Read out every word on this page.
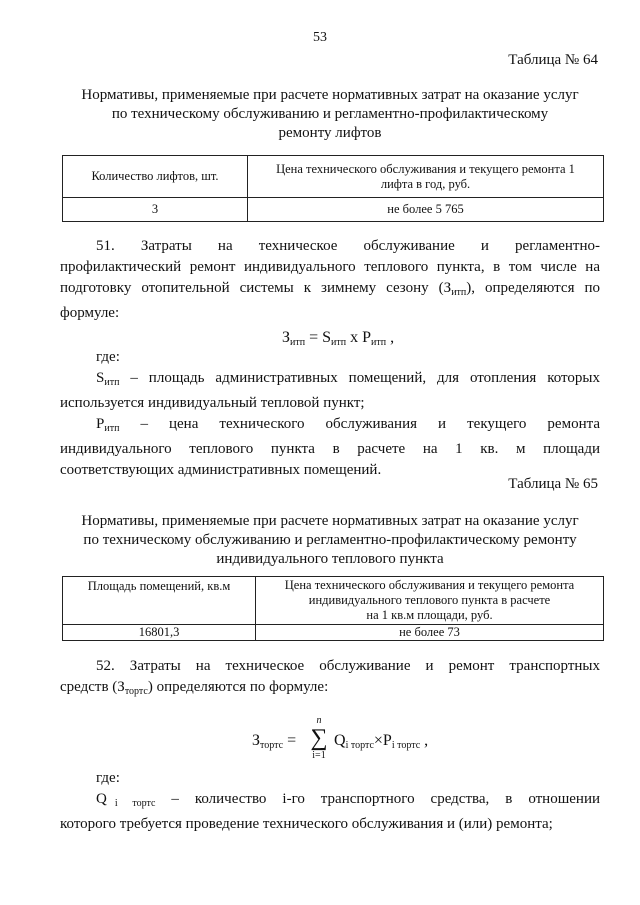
53
Таблица № 64
Нормативы, применяемые при расчете нормативных затрат на оказание услуг
по техническому обслуживанию и регламентно-профилактическому
ремонту лифтов
Количество лифтов, шт.	Цена технического обслуживания и текущего ремонта 1
лифта в год, руб.

3	не более 5 765
51. Затраты на техническое обслуживание и регламентно-
профилактический ремонт индивидуального теплового пункта, в том числе на
подготовку отопительной системы к зимнему сезону $(З_{итп})$, определяются по
формуле:
$З_{итп} = S_{итп}$ x $P_{итп}$ ,
где:
$S_{итп}$ – площадь административных помещений, для отопления которых
используется индивидуальный тепловой пункт;
$P_{итп}$ – цена технического обслуживания и текущего ремонта
индивидуального теплового пункта в расчете на 1 кв. м площади
соответствующих административных помещений.
Таблица № 65
Нормативы, применяемые при расчете нормативных затрат на оказание услуг
по техническому обслуживанию и регламентно-профилактическому ремонту
индивидуального теплового пункта
Площадь помещений, кв.м	Цена технического обслуживания и текущего ремонта
индивидуального теплового пункта в расчете
на 1 кв.м площади, руб.

16801,3	не более 73
52. Затраты на техническое обслуживание и ремонт транспортных
средств $(З_{тортс})$ определяются по формуле:
$З_{тортс}$ =
n
∑
i=1
$Q_{i тортс}\times P_{i тортс}$ ,
где:
Q $_{i тортс}$ – количество i-го транспортного средства, в отношении
которого требуется проведение технического обслуживания и (или) ремонта;
